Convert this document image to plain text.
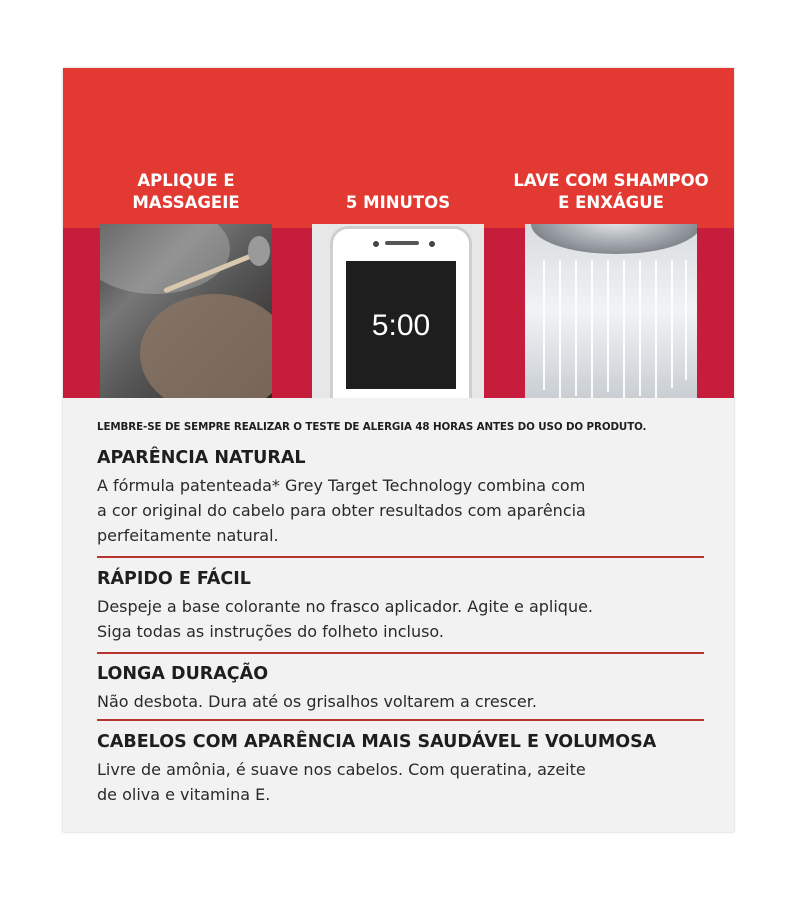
APLIQUE E
MASSAGEIE	5 MINUTOS
LAVE COM SHAMPOO
E ENXÁGUE
5:00
LEMBRE-SE DE SEMPRE REALIZAR O TESTE DE ALERGIA 48 HORAS ANTES DO USO DO PRODUTO.
APARÊNCIA NATURAL
A fórmula patenteada* Grey Target Technology combina com
a cor original do cabelo para obter resultados com aparência
perfeitamente natural.
RÁPIDO E FÁCIL
Despeje a base colorante no frasco aplicador. Agite e aplique.
Siga todas as instruções do folheto incluso.
LONGA DURAÇÃO
Não desbota. Dura até os grisalhos voltarem a crescer.
CABELOS COM APARÊNCIA MAIS SAUDÁVEL E VOLUMOSA
Livre de amônia, é suave nos cabelos. Com queratina, azeite
de oliva e vitamina E.
